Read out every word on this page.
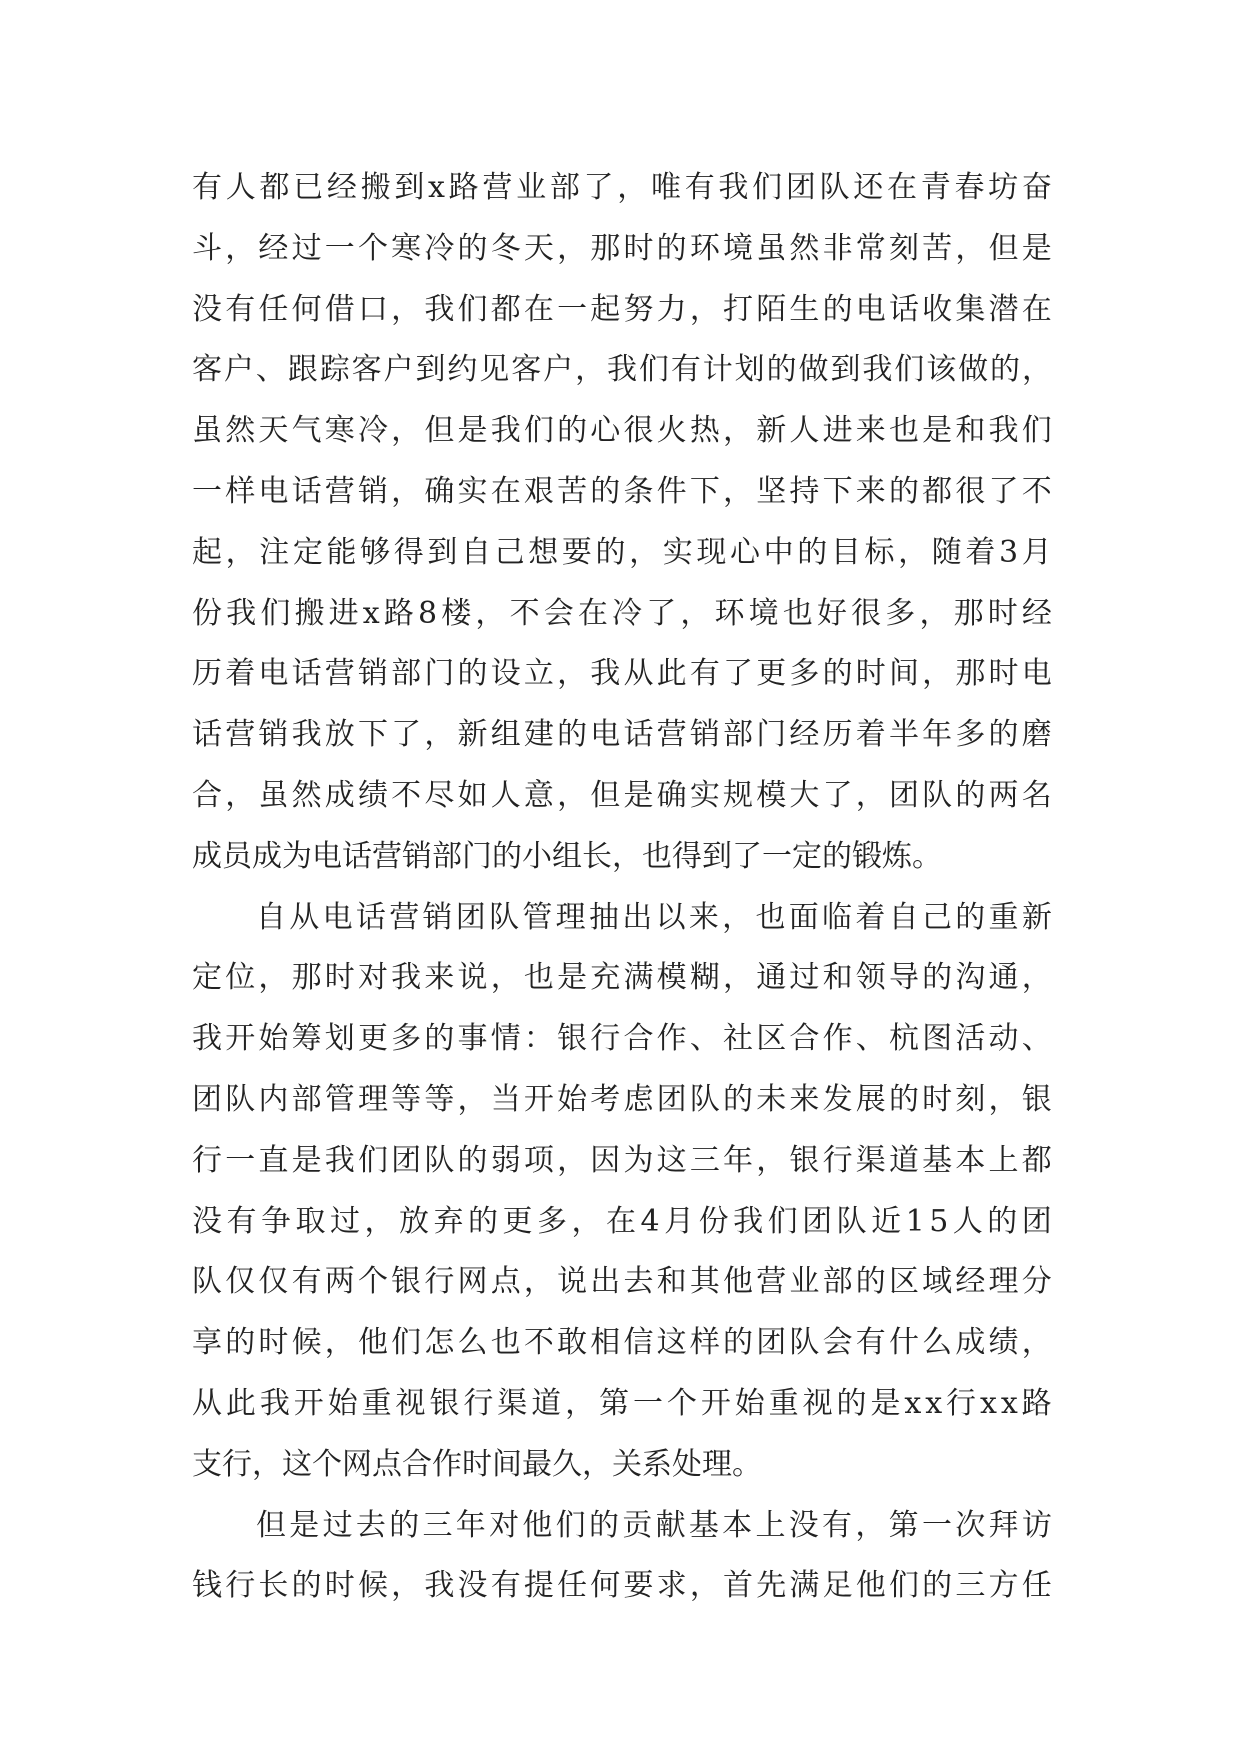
有 人 都 已 经 搬 到 x 路 营 业 部 了 ， 唯 有 我 们 团 队 还 在 青 春 坊 奋
斗 ， 经 过 一 个 寒 冷 的 冬 天 ， 那 时 的 环 境 虽 然 非 常 刻 苦 ， 但 是
没 有 任 何 借 口 ， 我 们 都 在 一 起 努 力 ， 打 陌 生 的 电 话 收 集 潜 在
客 户 、 跟 踪 客 户 到 约 见 客 户 ， 我 们 有 计 划 的 做 到 我 们 该 做 的 ，
虽 然 天 气 寒 冷 ， 但 是 我 们 的 心 很 火 热 ， 新 人 进 来 也 是 和 我 们
一 样 电 话 营 销 ， 确 实 在 艰 苦 的 条 件 下 ， 坚 持 下 来 的 都 很 了 不
起 ， 注 定 能 够 得 到 自 己 想 要 的 ， 实 现 心 中 的 目 标 ， 随 着 3 月
份 我 们 搬 进 x 路 8 楼 ， 不 会 在 冷 了 ， 环 境 也 好 很 多 ， 那 时 经
历 着 电 话 营 销 部 门 的 设 立 ， 我 从 此 有 了 更 多 的 时 间 ， 那 时 电
话 营 销 我 放 下 了 ， 新 组 建 的 电 话 营 销 部 门 经 历 着 半 年 多 的 磨
合 ， 虽 然 成 绩 不 尽 如 人 意 ， 但 是 确 实 规 模 大 了 ， 团 队 的 两 名
成员成为电话营销部门的小组长，也得到了一定的锻炼。
自 从 电 话 营 销 团 队 管 理 抽 出 以 来 ， 也 面 临 着 自 己 的 重 新
定 位 ， 那 时 对 我 来 说 ， 也 是 充 满 模 糊 ， 通 过 和 领 导 的 沟 通 ，
我 开 始 筹 划 更 多 的 事 情 ： 银 行 合 作 、 社 区 合 作 、 杭 图 活 动 、
团 队 内 部 管 理 等 等 ， 当 开 始 考 虑 团 队 的 未 来 发 展 的 时 刻 ， 银
行 一 直 是 我 们 团 队 的 弱 项 ， 因 为 这 三 年 ， 银 行 渠 道 基 本 上 都
没 有 争 取 过 ， 放 弃 的 更 多 ， 在 4 月 份 我 们 团 队 近 1 5 人 的 团
队 仅 仅 有 两 个 银 行 网 点 ， 说 出 去 和 其 他 营 业 部 的 区 域 经 理 分
享 的 时 候 ， 他 们 怎 么 也 不 敢 相 信 这 样 的 团 队 会 有 什 么 成 绩 ，
从 此 我 开 始 重 视 银 行 渠 道 ， 第 一 个 开 始 重 视 的 是 x x 行 x x 路
支行，这个网点合作时间最久，关系处理。
但 是 过 去 的 三 年 对 他 们 的 贡 献 基 本 上 没 有 ， 第 一 次 拜 访
钱 行 长 的 时 候 ， 我 没 有 提 任 何 要 求 ， 首 先 满 足 他 们 的 三 方 任
